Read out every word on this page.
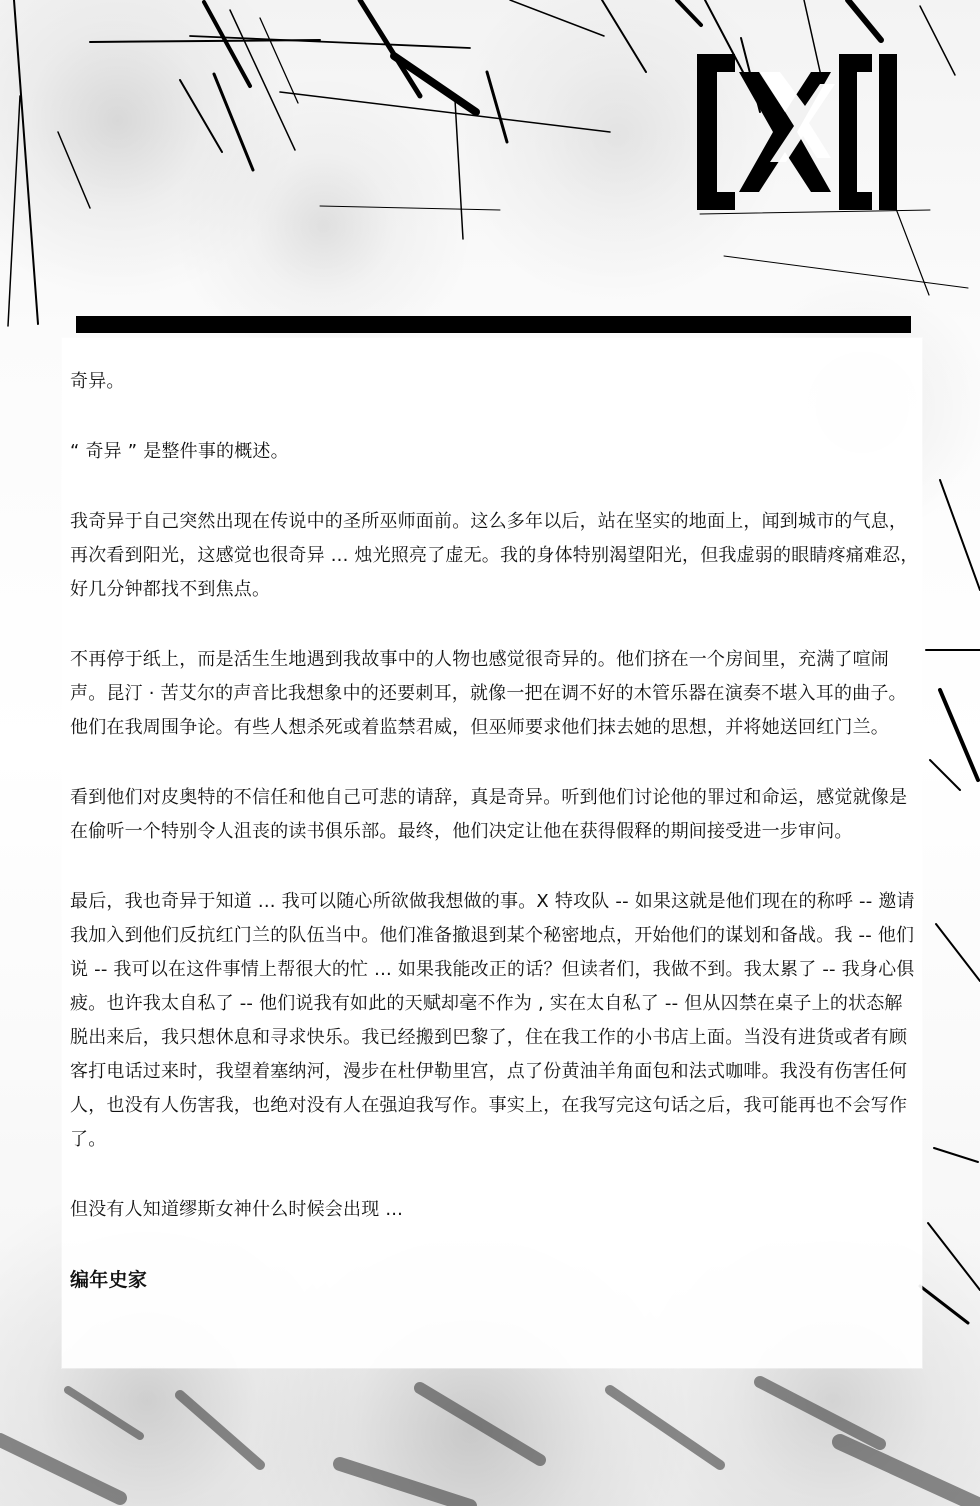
奇异。

“ 奇异 ” 是整件事的概述。

我奇异于自己突然出现在传说中的圣所巫师面前。这么多年以后，站在坚实的地面上，闻到城市的气息，再次看到阳光，这感觉也很奇异 ... 烛光照亮了虚无。我的身体特别渴望阳光，但我虚弱的眼睛疼痛难忍，好几分钟都找不到焦点。

不再停于纸上，而是活生生地遇到我故事中的人物也感觉很奇异的。他们挤在一个房间里，充满了喧闹声。昆汀 · 苦艾尔的声音比我想象中的还要刺耳，就像一把在调不好的木管乐器在演奏不堪入耳的曲子。他们在我周围争论。有些人想杀死或着监禁君威，但巫师要求他们抹去她的思想，并将她送回红门兰。

看到他们对皮奥特的不信任和他自己可悲的请辞，真是奇异。听到他们讨论他的罪过和命运，感觉就像是在偷听一个特别令人沮丧的读书俱乐部。最终，他们决定让他在获得假释的期间接受进一步审问。

最后，我也奇异于知道 ... 我可以随心所欲做我想做的事。X 特攻队 -- 如果这就是他们现在的称呼 -- 邀请我加入到他们反抗红门兰的队伍当中。他们准备撤退到某个秘密地点，开始他们的谋划和备战。我 -- 他们说 -- 我可以在这件事情上帮很大的忙 ... 如果我能改正的话？但读者们，我做不到。我太累了 -- 我身心俱疲。也许我太自私了 -- 他们说我有如此的天赋却毫不作为 , 实在太自私了 -- 但从囚禁在桌子上的状态解脱出来后，我只想休息和寻求快乐。我已经搬到巴黎了，住在我工作的小书店上面。当没有进货或者有顾客打电话过来时，我望着塞纳河，漫步在杜伊勒里宫，点了份黄油羊角面包和法式咖啡。我没有伤害任何人，也没有人伤害我，也绝对没有人在强迫我写作。事实上，在我写完这句话之后，我可能再也不会写作了。

但没有人知道缪斯女神什么时候会出现 ...

编年史家
